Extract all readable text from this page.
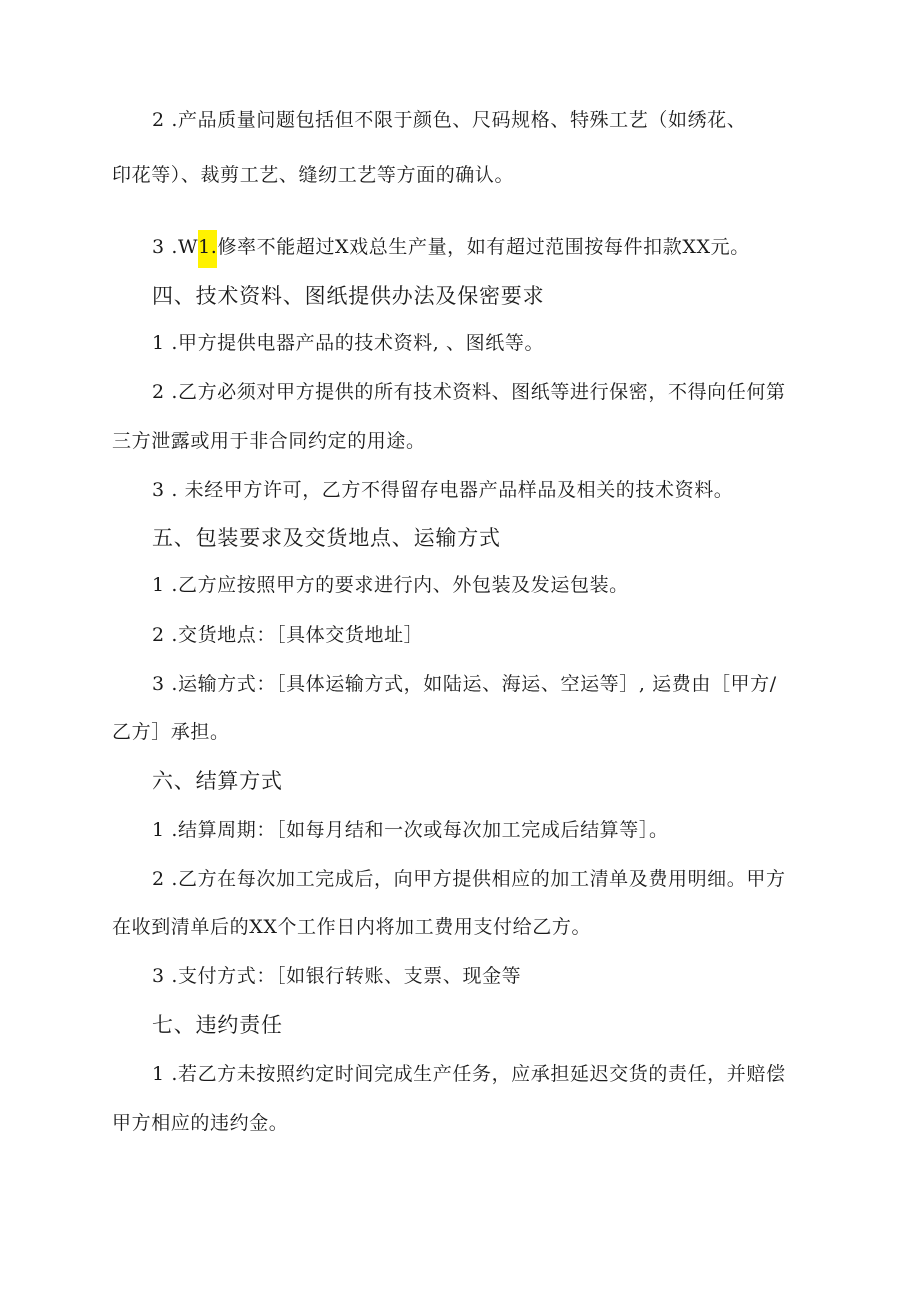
2 .产品质量问题包括但不限于颜色、尺码规格、特殊工艺（如绣花、
印花等）、裁剪工艺、缝纫工艺等方面的确认。
3 .W1.修率不能超过X戏总生产量，如有超过范围按每件扣款XX元。
四、技术资料、图纸提供办法及保密要求
1 .甲方提供电器产品的技术资料, 、图纸等。
2 .乙方必须对甲方提供的所有技术资料、图纸等进行保密，不得向任何第
三方泄露或用于非合同约定的用途。
3 . 未经甲方许可，乙方不得留存电器产品样品及相关的技术资料。
五、包装要求及交货地点、运输方式
1 .乙方应按照甲方的要求进行内、外包装及发运包装。
2 .交货地点：［具体交货地址］
3 .运输方式：［具体运输方式，如陆运、海运、空运等］, 运费由［甲方/
乙方］承担。
六、结算方式
1 .结算周期：［如每月结和一次或每次加工完成后结算等］。
2 .乙方在每次加工完成后，向甲方提供相应的加工清单及费用明细。甲方
在收到清单后的XX个工作日内将加工费用支付给乙方。
3 .支付方式：［如银行转账、支票、现金等
七、违约责任
1 .若乙方未按照约定时间完成生产任务，应承担延迟交货的责任，并赔偿
甲方相应的违约金。
